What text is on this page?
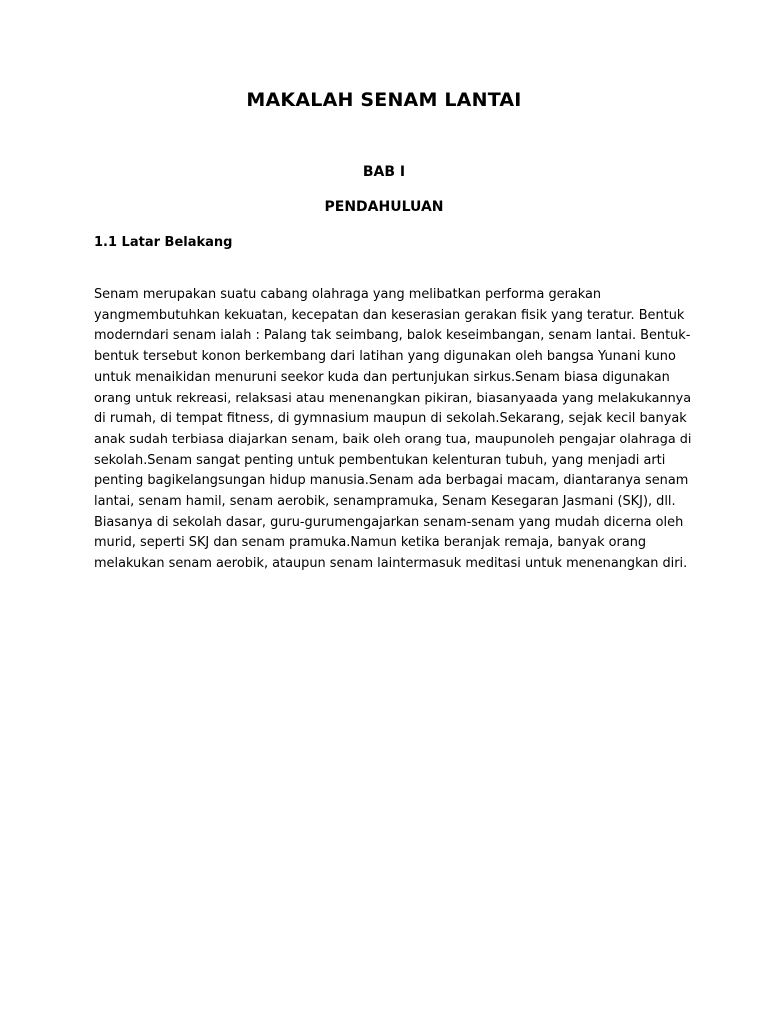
MAKALAH SENAM LANTAI
BAB I
PENDAHULUAN
1.1 Latar Belakang
Senam merupakan suatu cabang olahraga yang melibatkan performa gerakan
yangmembutuhkan kekuatan, kecepatan dan keserasian gerakan fisik yang teratur. Bentuk
moderndari senam ialah : Palang tak seimbang, balok keseimbangan, senam lantai. Bentuk-
bentuk tersebut konon berkembang dari latihan yang digunakan oleh bangsa Yunani kuno
untuk menaikidan menuruni seekor kuda dan pertunjukan sirkus.Senam biasa digunakan
orang untuk rekreasi, relaksasi atau menenangkan pikiran, biasanyaada yang melakukannya
di rumah, di tempat fitness, di gymnasium maupun di sekolah.Sekarang, sejak kecil banyak
anak sudah terbiasa diajarkan senam, baik oleh orang tua, maupunoleh pengajar olahraga di
sekolah.Senam sangat penting untuk pembentukan kelenturan tubuh, yang menjadi arti
penting bagikelangsungan hidup manusia.Senam ada berbagai macam, diantaranya senam
lantai, senam hamil, senam aerobik, senampramuka, Senam Kesegaran Jasmani (SKJ), dll.
Biasanya di sekolah dasar, guru-gurumengajarkan senam-senam yang mudah dicerna oleh
murid, seperti SKJ dan senam pramuka.Namun ketika beranjak remaja, banyak orang
melakukan senam aerobik, ataupun senam laintermasuk meditasi untuk menenangkan diri.
